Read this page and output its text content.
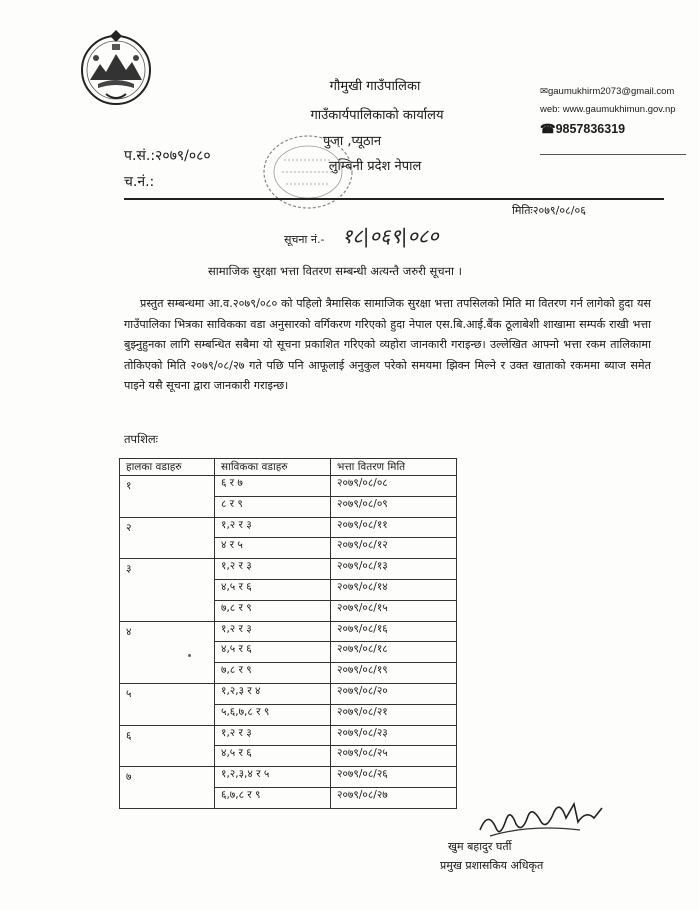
गौमुखी गाउँपालिका
गाउँकार्यपालिकाको कार्यालय
पुजा ,प्यूठान
लुम्बिनी प्रदेश नेपाल
प.सं.:२०७९/०८०
च.नं.:
✉gaumukhirm2073@gmail.com
web: www.gaumukhimun.gov.np
☎9857836319
मितिः२०७९/०८/०६
सूचना नं.- १८|०६९|०८०
सामाजिक सुरक्षा भत्ता वितरण सम्बन्धी अत्यन्तै जरुरी सूचना ।
प्रस्तुत सम्बन्धमा आ.व.२०७९/०८० को पहिलो त्रैमासिक सामाजिक सुरक्षा भत्ता तपसिलको मिति मा वितरण गर्न लागेको हुदा यस गाउँपालिका भित्रका साविकका वडा अनुसारको वर्गिकरण गरिएको हुदा नेपाल एस.बि.आई.बैंक ठूलाबेशी शाखामा सम्पर्क राखी भत्ता बुझ्नुहुनका लागि सम्बन्धित सबैमा यो सूचना प्रकाशित गरिएको व्यहोरा जानकारी गराइन्छ। उल्लेखित आफ्नो भत्ता रकम तालिकामा तोकिएको मिति २०७९/०८/२७ गते पछि पनि आफूलाई अनुकुल परेको समयमा झिक्न मिल्ने र उक्त खाताको रकममा ब्याज समेत पाइने यसै सूचना द्वारा जानकारी गराइन्छ।
तपशिलः
हालका वडाहरु	साविकका वडाहरु	भत्ता वितरण मिति
१	६ र ७	२०७९/०८/०८
	८ र ९	२०७९/०८/०९
२	१,२ र ३	२०७९/०८/११
	४ र ५	२०७९/०८/१२
३	१,२ र ३	२०७९/०८/१३
	४,५ र ६	२०७९/०८/१४
	७,८ र ९	२०७९/०८/१५
४	१,२ र ३	२०७९/०८/१६
	४,५ र ६	२०७९/०८/१८
	७,८ र ९	२०७९/०८/१९
५	१,२,३ र ४	२०७९/०८/२०
	५,६,७,८ र ९	२०७९/०८/२१
६	१,२ र ३	२०७९/०८/२३
	४,५ र ६	२०७९/०८/२५
७	१,२,३,४ र ५	२०७९/०८/२६
	६,७,८ र ९	२०७९/०८/२७
खुम बहादुर घर्ती
प्रमुख प्रशासकिय अधिकृत
